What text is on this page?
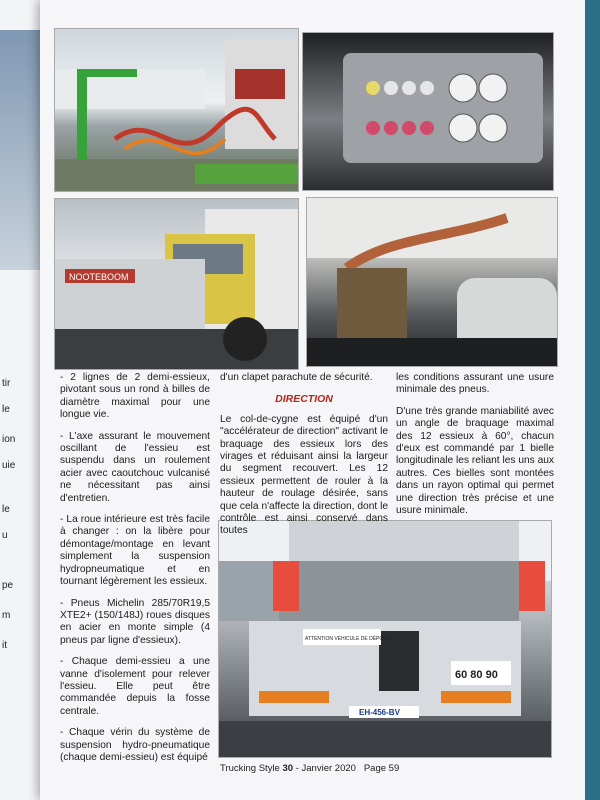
tir
le
ion
uie
le
u
pe
m
it
NOOTEBOOM
ATTENTION VÉHICULE DE DÉPORTE
60 80 90
EH-456-BV

- 2 lignes de 2 demi-essieux, pivotant sous un rond à billes de diamètre maximal pour une longue vie.

- L'axe assurant le mouvement oscillant de l'essieu est suspendu dans un roulement acier avec caoutchouc vulcanisé ne nécessitant pas ainsi d'entretien.

- La roue intérieure est très facile à changer : on la libère pour démontage/montage en levant simplement la suspension hydropneumatique et en tournant légèrement les essieux.

- Pneus Michelin 285/70R19,5 XTE2+ (150/148J) roues disques en acier en monte simple (4 pneus par ligne d'essieux).

- Chaque demi-essieu a une vanne d'isolement pour relever l'essieu. Elle peut être commandée depuis la fosse centrale.

- Chaque vérin du système de suspension hydro-pneumatique (chaque demi-essieu) est équipé

d'un clapet parachute de sécurité.

DIRECTION

Le col-de-cygne est équipé d'un "accélérateur de direction" activant le braquage des essieux lors des virages et réduisant ainsi la largeur du segment recouvert. Les 12 essieux permettent de rouler à la hauteur de roulage désirée, sans que cela n'affecte la direction, dont le contrôle est ainsi conservé dans toutes

les conditions assurant une usure minimale des pneus.

D'une très grande maniabilité avec un angle de braquage maximal des 12 essieux à 60°, chacun d'eux est commandé par 1 bielle longitudinale les reliant les uns aux autres. Ces bielles sont montées dans un rayon optimal qui permet une direction très précise et une usure minimale.

Trucking Style 30 - Janvier 2020 Page 59
